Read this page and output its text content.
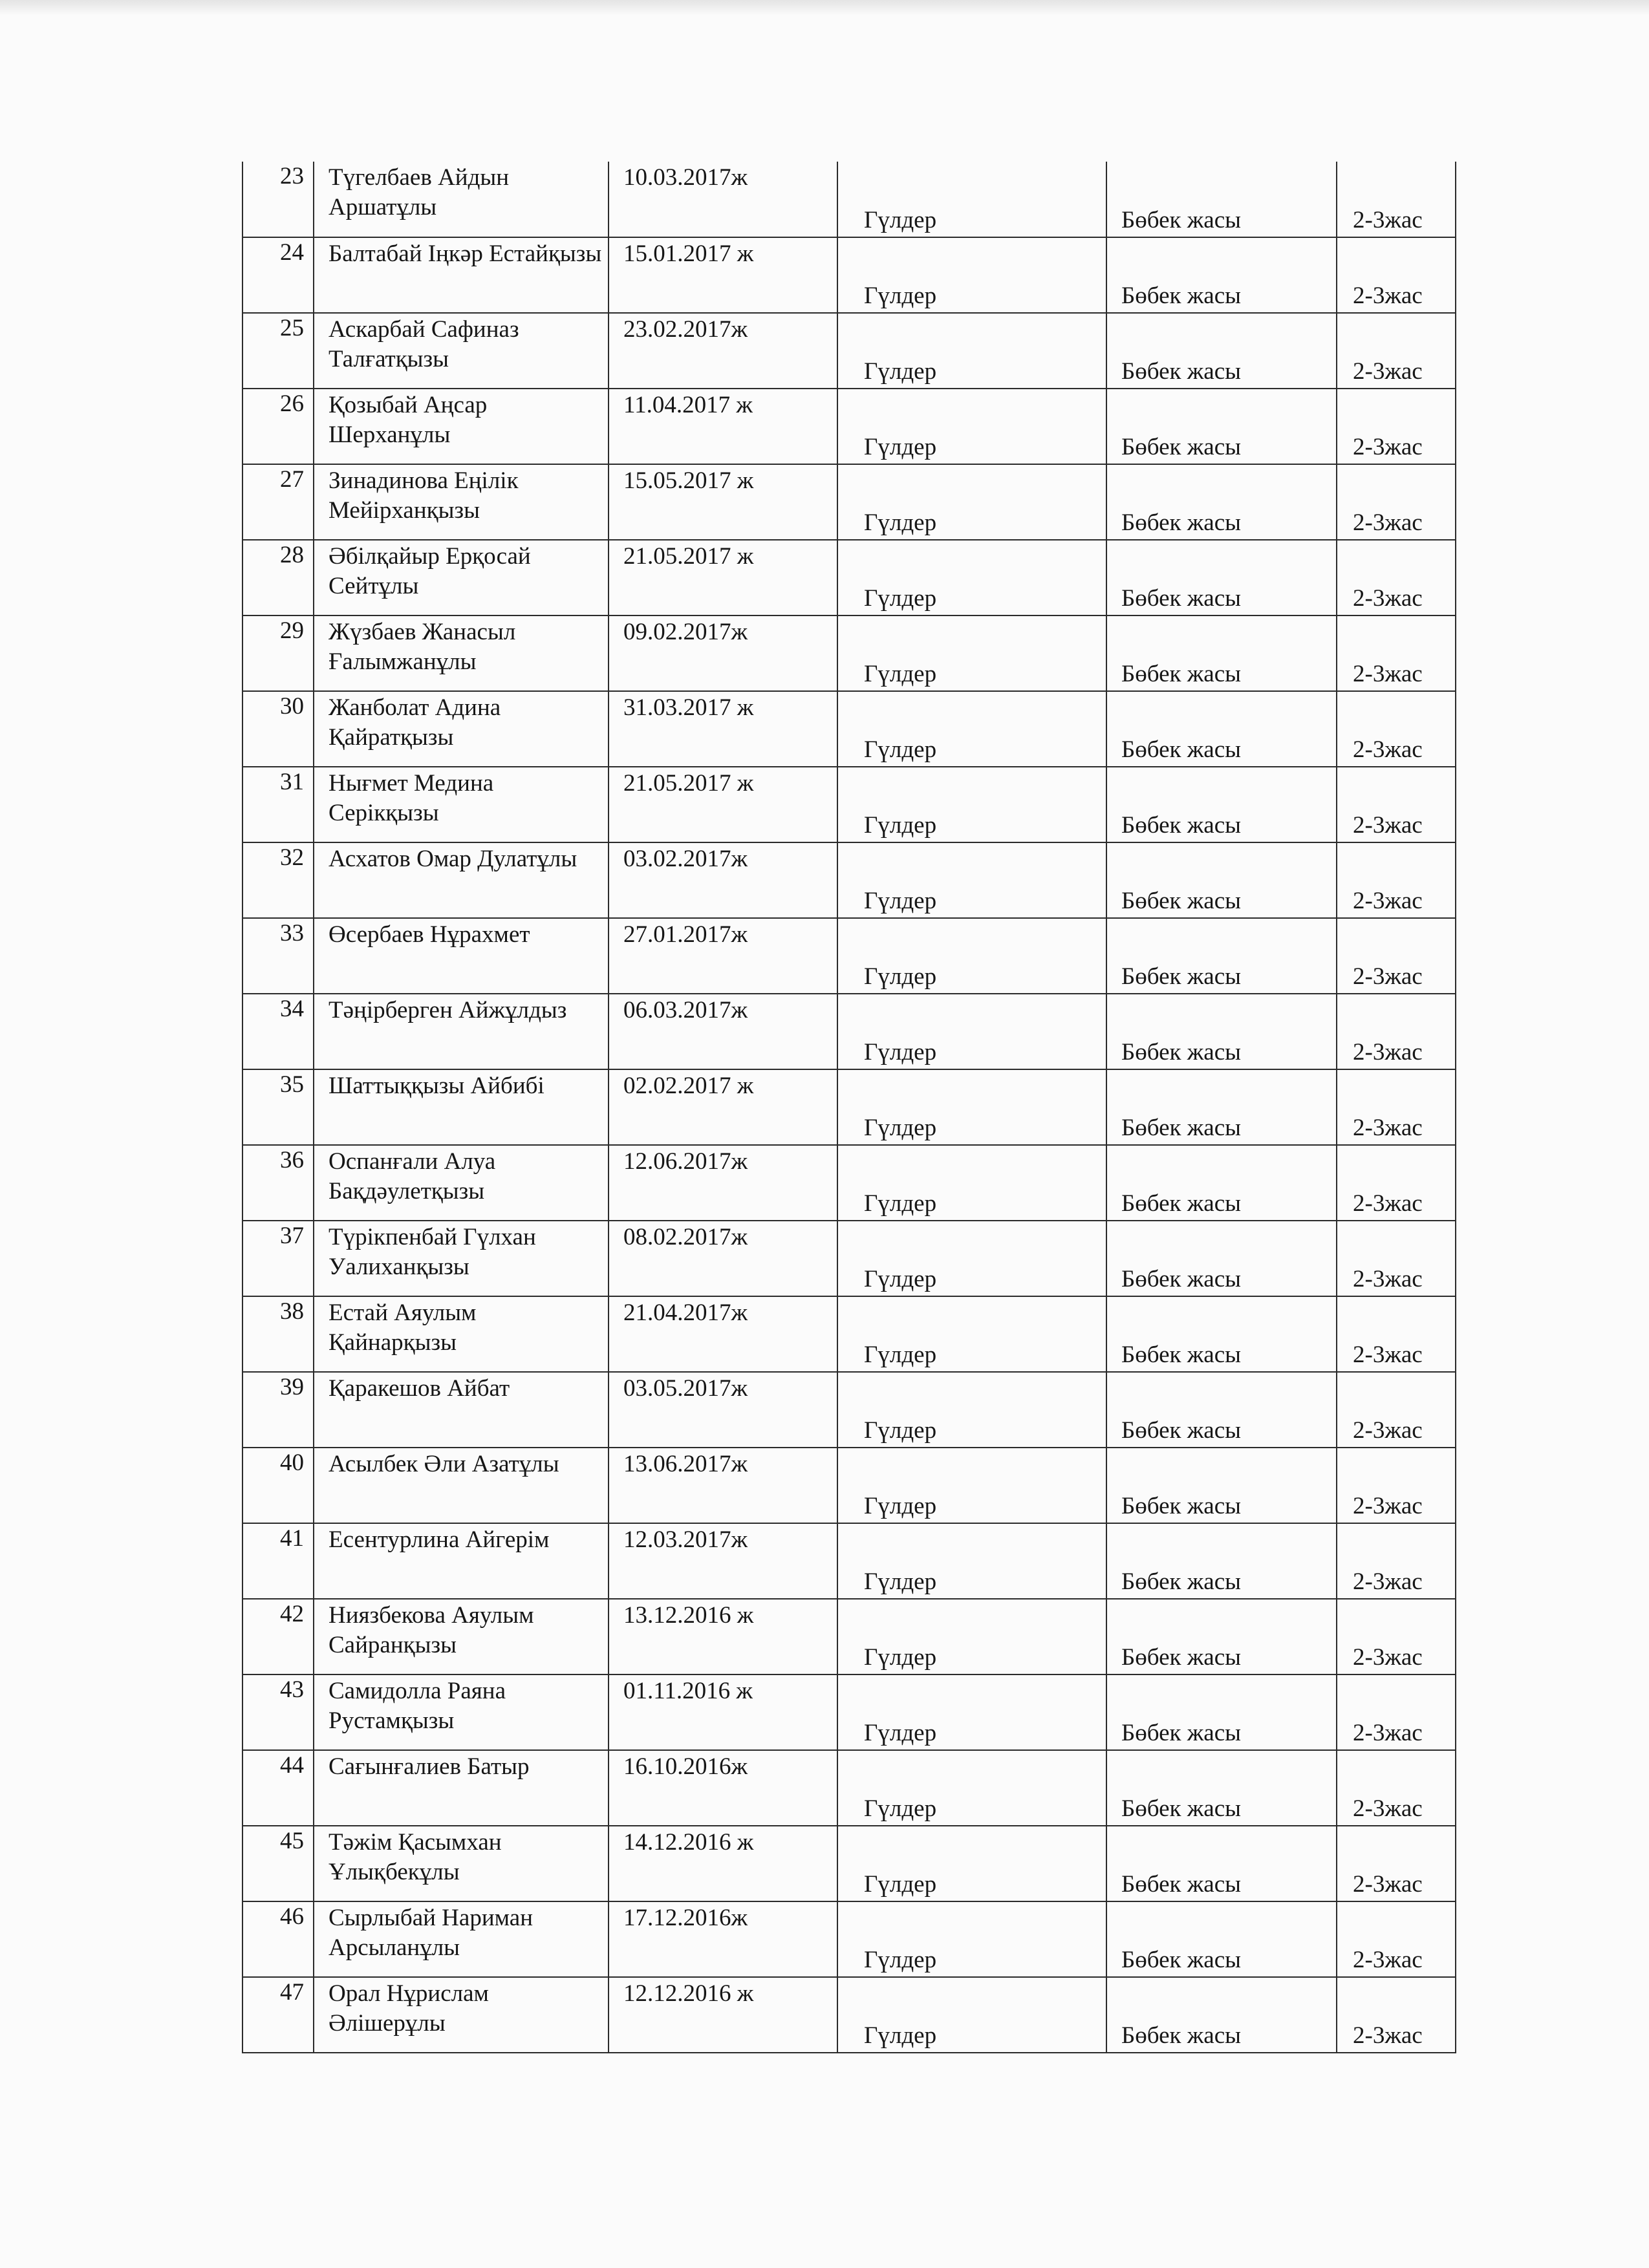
23	Түгелбаев Айдын Аршатұлы	10.03.2017ж	Гүлдер	Бөбек жасы	2-3жас
24	Балтабай Іңкәр Естайқызы	15.01.2017 ж	Гүлдер	Бөбек жасы	2-3жас
25	Аскарбай Сафиназ Талғатқызы	23.02.2017ж	Гүлдер	Бөбек жасы	2-3жас
26	Қозыбай Аңсар Шерханұлы	11.04.2017 ж	Гүлдер	Бөбек жасы	2-3жас
27	Зинадинова Еңілік Мейірханқызы	15.05.2017 ж	Гүлдер	Бөбек жасы	2-3жас
28	Әбілқайыр Ерқосай Сейтұлы	21.05.2017 ж	Гүлдер	Бөбек жасы	2-3жас
29	Жүзбаев Жанасыл Ғалымжанұлы	09.02.2017ж	Гүлдер	Бөбек жасы	2-3жас
30	Жанболат Адина Қайратқызы	31.03.2017 ж	Гүлдер	Бөбек жасы	2-3жас
31	Нығмет Медина Серікқызы	21.05.2017 ж	Гүлдер	Бөбек жасы	2-3жас
32	Асхатов Омар Дулатұлы	03.02.2017ж	Гүлдер	Бөбек жасы	2-3жас
33	Өсербаев Нұрахмет	27.01.2017ж	Гүлдер	Бөбек жасы	2-3жас
34	Тәңірберген Айжұлдыз	06.03.2017ж	Гүлдер	Бөбек жасы	2-3жас
35	Шаттыққызы Айбибі	02.02.2017 ж	Гүлдер	Бөбек жасы	2-3жас
36	Оспанғали Алуа Бақдәулетқызы	12.06.2017ж	Гүлдер	Бөбек жасы	2-3жас
37	Түрікпенбай Гүлхан Уалиханқызы	08.02.2017ж	Гүлдер	Бөбек жасы	2-3жас
38	Естай Аяулым Қайнарқызы	21.04.2017ж	Гүлдер	Бөбек жасы	2-3жас
39	Қаракешов Айбат	03.05.2017ж	Гүлдер	Бөбек жасы	2-3жас
40	Асылбек Әли Азатұлы	13.06.2017ж	Гүлдер	Бөбек жасы	2-3жас
41	Есентурлина Айгерім	12.03.2017ж	Гүлдер	Бөбек жасы	2-3жас
42	Ниязбекова Аяулым Сайранқызы	13.12.2016 ж	Гүлдер	Бөбек жасы	2-3жас
43	Самидолла Раяна Рустамқызы	01.11.2016 ж	Гүлдер	Бөбек жасы	2-3жас
44	Сағынғалиев Батыр	16.10.2016ж	Гүлдер	Бөбек жасы	2-3жас
45	Тәжім Қасымхан Ұлықбекұлы	14.12.2016 ж	Гүлдер	Бөбек жасы	2-3жас
46	Сырлыбай Нариман Арсыланұлы	17.12.2016ж	Гүлдер	Бөбек жасы	2-3жас
47	Орал Нұрислам Әлішерұлы	12.12.2016 ж	Гүлдер	Бөбек жасы	2-3жас
